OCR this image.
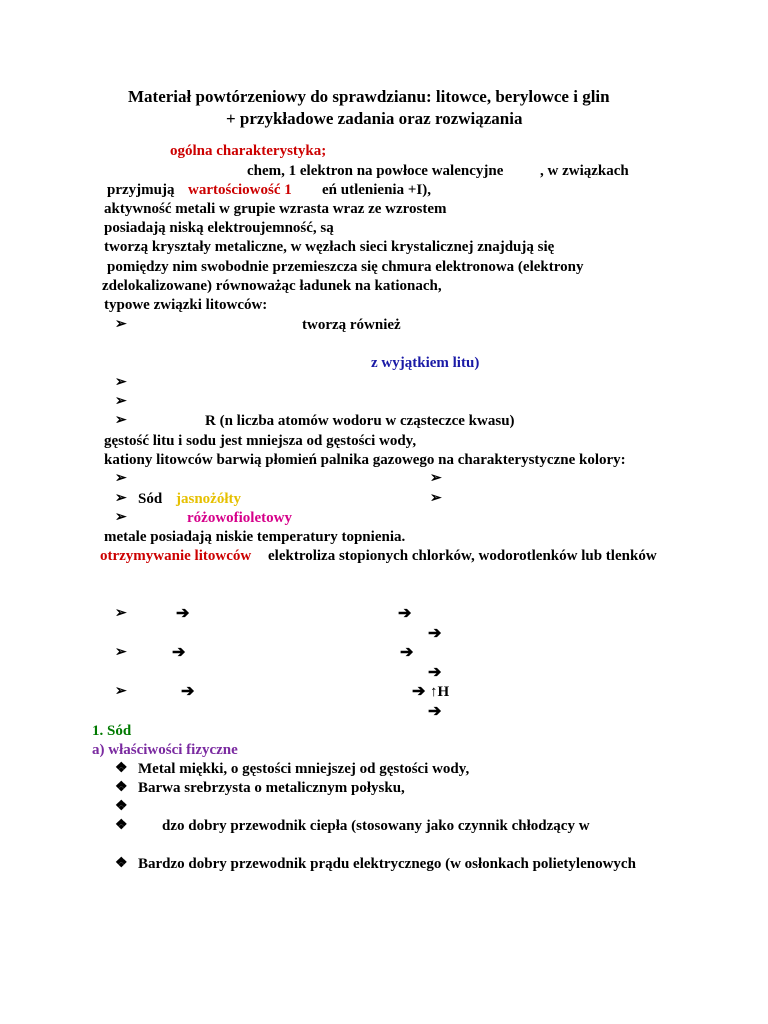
Materiał powtórzeniowy do sprawdzianu: litowce, berylowce i glin
+ przykładowe zadania oraz rozwiązania
ogólna charakterystyka;
chem, 1 elektron na powłoce walencyjne , w związkach
przyjmują wartościowość 1 eń utlenienia +I),
aktywność metali w grupie wzrasta wraz ze wzrostem
posiadają niską elektroujemność, są
tworzą kryształy metaliczne, w węzłach sieci krystalicznej znajdują się
pomiędzy nim swobodnie przemieszcza się chmura elektronowa (elektrony
zdelokalizowane) równoważąc ładunek na kationach,
typowe związki litowców:
➢	tworzą również
z wyjątkiem litu)
➢
➢
➢	R (n liczba atomów wodoru w cząsteczce kwasu)
gęstość litu i sodu jest mniejsza od gęstości wody,
kationy litowców barwią płomień palnika gazowego na charakterystyczne kolory:
➢	➢
➢ Sód jasnożółty	➢
➢	różowofioletowy
metale posiadają niskie temperatury topnienia.
otrzymywanie litowców elektroliza stopionych chlorków, wodorotlenków lub tlenków
➢	➔	➔
➔
➢	➔	➔
➔
➢	➔	➔ ↑H
➔
1. Sód
a) właściwości fizyczne
❖ Metal miękki, o gęstości mniejszej od gęstości wody,
❖ Barwa srebrzysta o metalicznym połysku,
❖
❖ dzo dobry przewodnik ciepła (stosowany jako czynnik chłodzący w
❖ Bardzo dobry przewodnik prądu elektrycznego (w osłonkach polietylenowych
